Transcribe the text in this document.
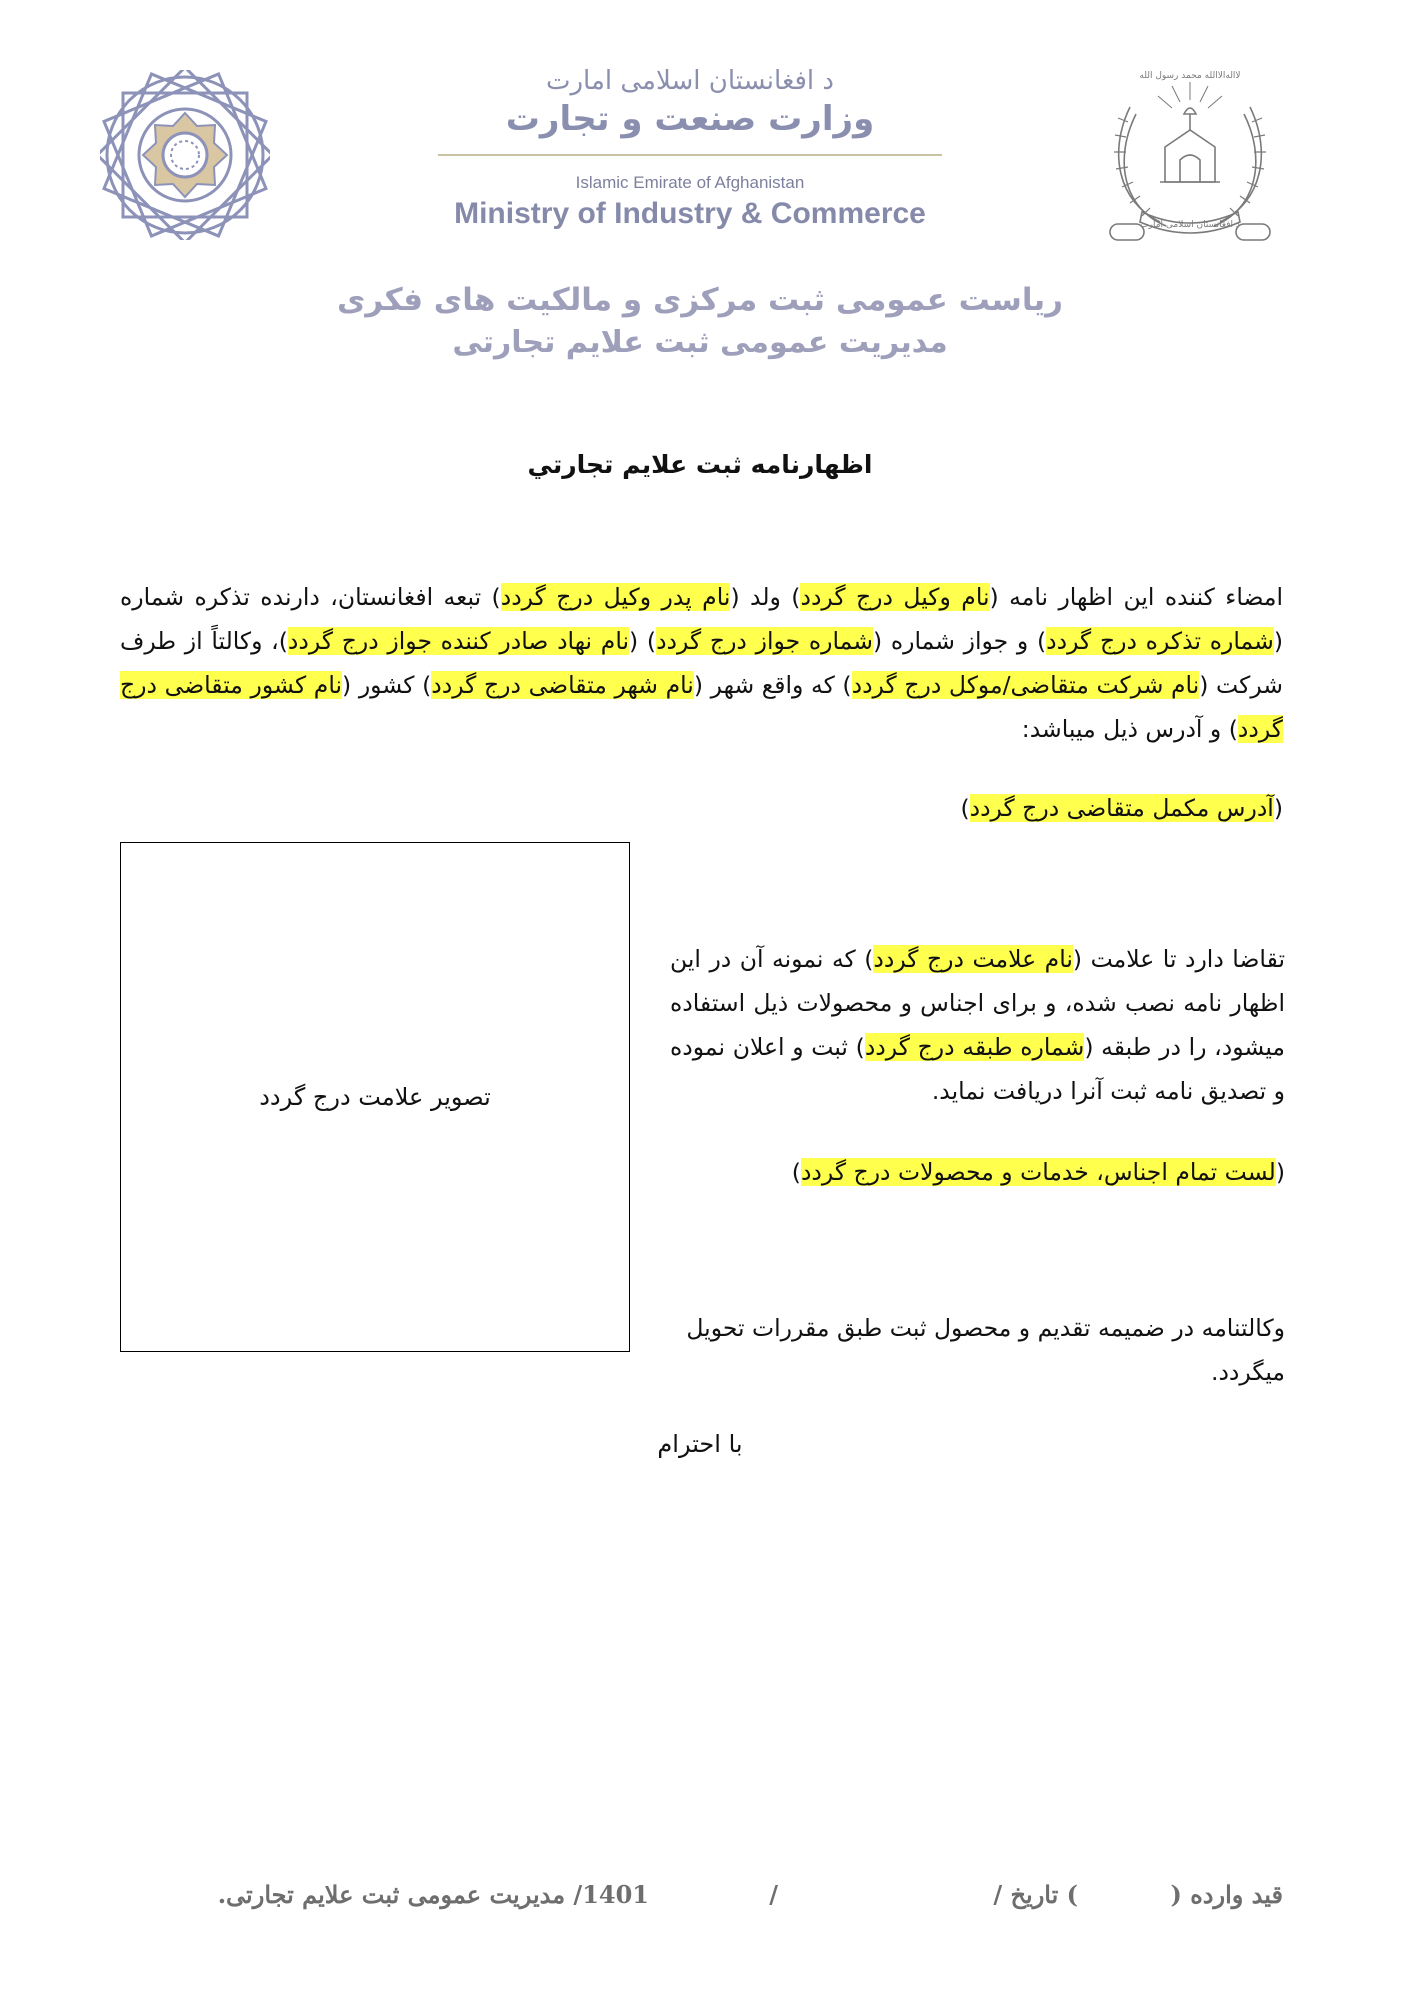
د افغانستان اسلامی امارت
وزارت صنعت و تجارت
Islamic Emirate of Afghanistan
Ministry of Industry & Commerce
لااله‌الاالله محمد رسول الله
د افغانستان اسلامی امارت
ریاست عمومی ثبت مرکزی و مالکیت های فکری
مدیریت عمومی ثبت علایم تجارتی
اظهارنامه ثبت علایم تجارتي
امضاء کننده این اظهار نامه (نام وکیل درج گردد) ولد (نام پدر وکیل درج گردد) تبعه افغانستان، دارنده تذکره شماره (شماره تذکره درج گردد) و جواز شماره (شماره جواز درج گردد) (نام نهاد صادر کننده جواز درج گردد)، وکالتاً از طرف شرکت (نام شرکت متقاضی/موکل درج گردد) که واقع شهر (نام شهر متقاضی درج گردد) کشور (نام کشور متقاضی درج گردد) و آدرس ذیل میباشد:
(آدرس مکمل متقاضی درج گردد)
تصویر علامت درج گردد
تقاضا دارد تا علامت (نام علامت درج گردد) که نمونه آن در این اظهار نامه نصب شده، و برای اجناس و محصولات ذیل استفاده میشود، را در طبقه (شماره طبقه درج گردد) ثبت و اعلان نموده و تصدیق نامه ثبت آنرا دریافت نماید.
(لست تمام اجناس، خدمات و محصولات درج گردد)
وکالتنامه در ضمیمه تقدیم و محصول ثبت طبق مقررات تحویل میگردد.
با احترام
قید وارده (
) تاریخ /
/
1401/ مدیریت عمومی ثبت علایم تجارتی.
